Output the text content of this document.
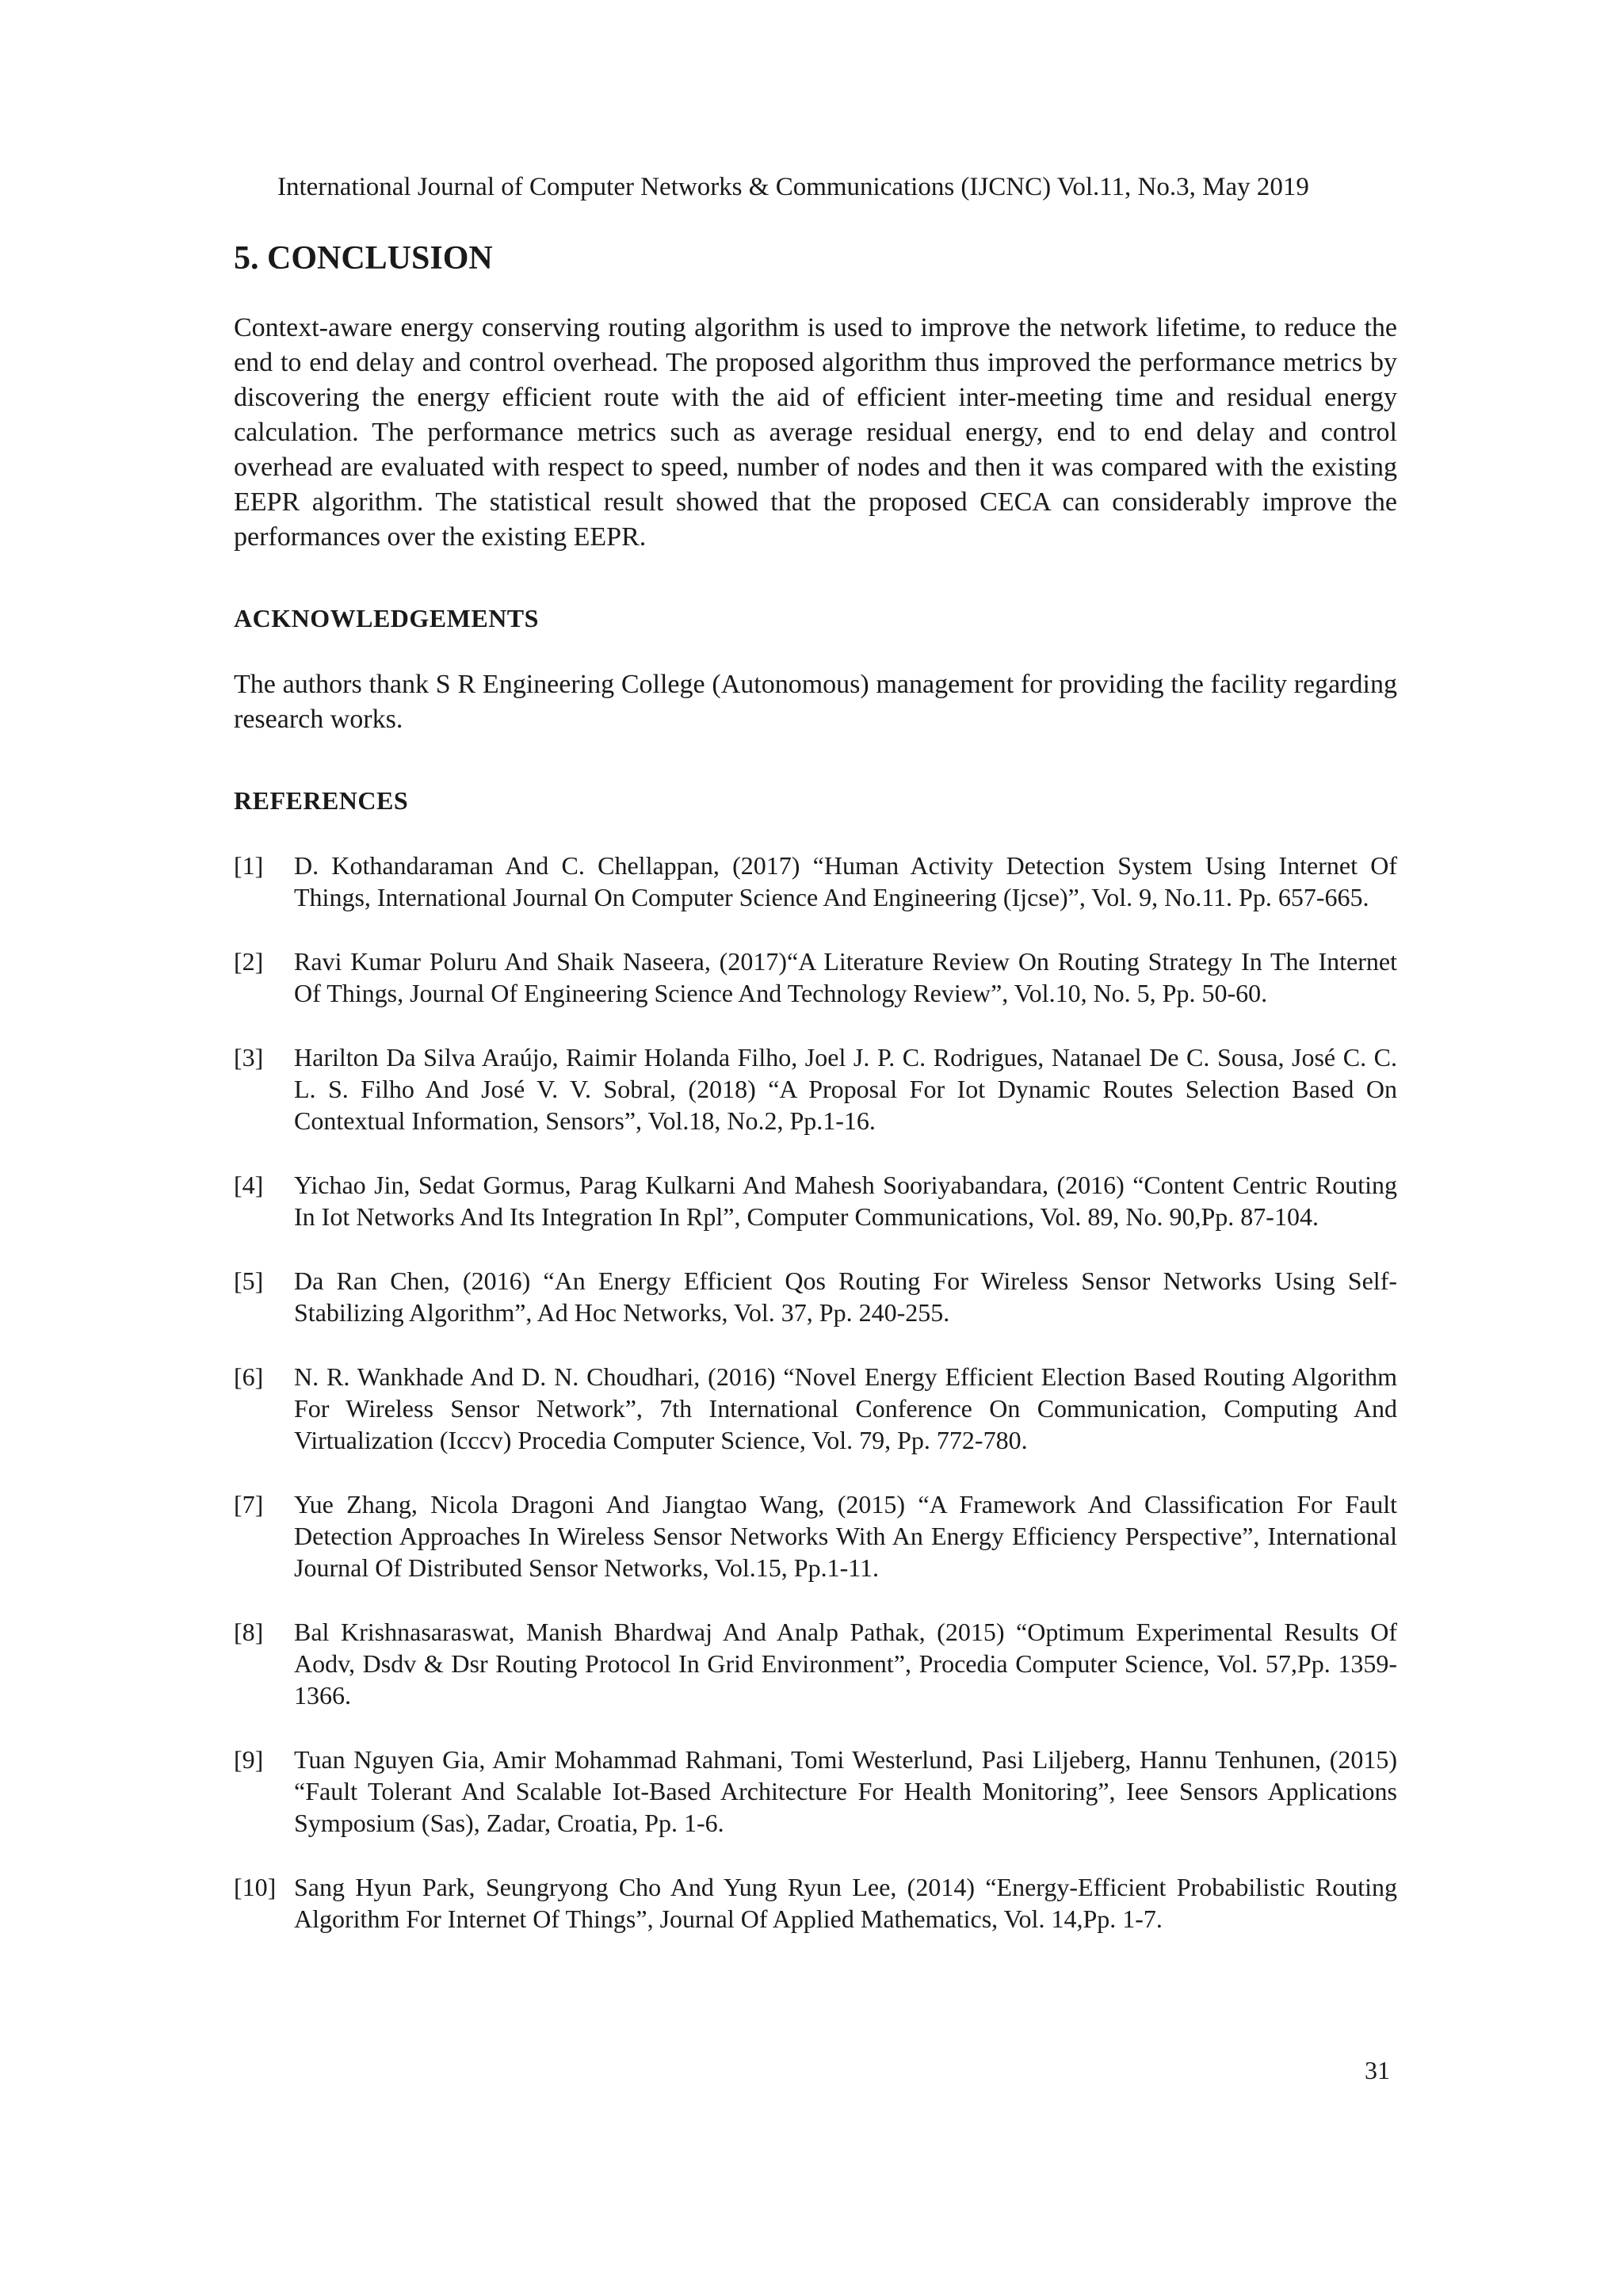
International Journal of Computer Networks & Communications (IJCNC) Vol.11, No.3, May 2019
5. CONCLUSION

Context-aware energy conserving routing algorithm is used to improve the network lifetime, to reduce the end to end delay and control overhead. The proposed algorithm thus improved the performance metrics by discovering the energy efficient route with the aid of efficient inter-meeting time and residual energy calculation. The performance metrics such as average residual energy, end to end delay and control overhead are evaluated with respect to speed, number of nodes and then it was compared with the existing EEPR algorithm. The statistical result showed that the proposed CECA can considerably improve the performances over the existing EEPR.

ACKNOWLEDGEMENTS

The authors thank S R Engineering College (Autonomous) management for providing the facility regarding research works.

REFERENCES
[1]	D. Kothandaraman And C. Chellappan, (2017) “Human Activity Detection System Using Internet Of Things, International Journal On Computer Science And Engineering (Ijcse)”, Vol. 9, No.11. Pp. 657-665.
[2]	Ravi Kumar Poluru And Shaik Naseera, (2017)“A Literature Review On Routing Strategy In The Internet Of Things, Journal Of Engineering Science And Technology Review”, Vol.10, No. 5, Pp. 50-60.
[3]	Harilton Da Silva Araújo, Raimir Holanda Filho, Joel J. P. C. Rodrigues, Natanael De C. Sousa, José C. C. L. S. Filho And José V. V. Sobral, (2018) “A Proposal For Iot Dynamic Routes Selection Based On Contextual Information, Sensors”, Vol.18, No.2, Pp.1-16.
[4]	Yichao Jin, Sedat Gormus, Parag Kulkarni And Mahesh Sooriyabandara, (2016) “Content Centric Routing In Iot Networks And Its Integration In Rpl”, Computer Communications, Vol. 89, No. 90,Pp. 87-104.
[5]	Da Ran Chen, (2016) “An Energy Efficient Qos Routing For Wireless Sensor Networks Using Self-Stabilizing Algorithm”, Ad Hoc Networks, Vol. 37, Pp. 240-255.
[6]	N. R. Wankhade And D. N. Choudhari, (2016) “Novel Energy Efficient Election Based Routing Algorithm For Wireless Sensor Network”, 7th International Conference On Communication, Computing And Virtualization (Icccv) Procedia Computer Science, Vol. 79, Pp. 772-780.
[7]	Yue Zhang, Nicola Dragoni And Jiangtao Wang, (2015) “A Framework And Classification For Fault Detection Approaches In Wireless Sensor Networks With An Energy Efficiency Perspective”, International Journal Of Distributed Sensor Networks, Vol.15, Pp.1-11.
[8]	Bal Krishnasaraswat, Manish Bhardwaj And Analp Pathak, (2015) “Optimum Experimental Results Of Aodv, Dsdv & Dsr Routing Protocol In Grid Environment”, Procedia Computer Science, Vol. 57,Pp. 1359-1366.
[9]	Tuan Nguyen Gia, Amir Mohammad Rahmani, Tomi Westerlund, Pasi Liljeberg, Hannu Tenhunen, (2015) “Fault Tolerant And Scalable Iot-Based Architecture For Health Monitoring”, Ieee Sensors Applications Symposium (Sas), Zadar, Croatia, Pp. 1-6.
[10] Sang Hyun Park, Seungryong Cho And Yung Ryun Lee, (2014) “Energy-Efficient Probabilistic Routing Algorithm For Internet Of Things”, Journal Of Applied Mathematics, Vol. 14,Pp. 1-7.
31
